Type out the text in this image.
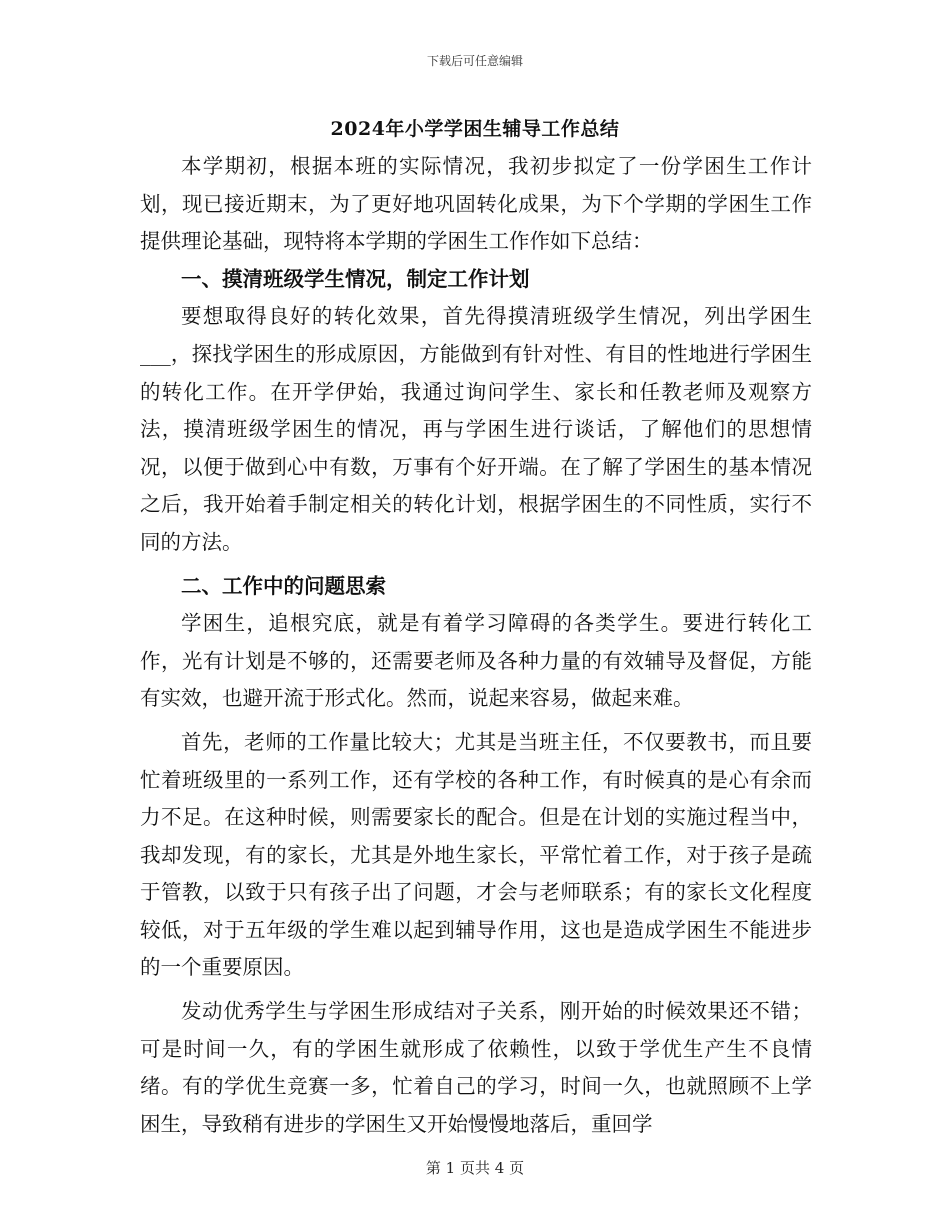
下载后可任意编辑
2024年小学学困生辅导工作总结

本学期初，根据本班的实际情况，我初步拟定了一份学困生工作计划，现已接近期末，为了更好地巩固转化成果，为下个学期的学困生工作提供理论基础，现特将本学期的学困生工作作如下总结：

一、摸清班级学生情况，制定工作计划

要想取得良好的转化效果，首先得摸清班级学生情况，列出学困生___，探找学困生的形成原因，方能做到有针对性、有目的性地进行学困生的转化工作。在开学伊始，我通过询问学生、家长和任教老师及观察方法，摸清班级学困生的情况，再与学困生进行谈话，了解他们的思想情况，以便于做到心中有数，万事有个好开端。在了解了学困生的基本情况之后，我开始着手制定相关的转化计划，根据学困生的不同性质，实行不同的方法。

二、工作中的问题思索

学困生，追根究底，就是有着学习障碍的各类学生。要进行转化工作，光有计划是不够的，还需要老师及各种力量的有效辅导及督促，方能有实效，也避开流于形式化。然而，说起来容易，做起来难。

首先，老师的工作量比较大；尤其是当班主任，不仅要教书，而且要忙着班级里的一系列工作，还有学校的各种工作，有时候真的是心有余而力不足。在这种时候，则需要家长的配合。但是在计划的实施过程当中，我却发现，有的家长，尤其是外地生家长，平常忙着工作，对于孩子是疏于管教，以致于只有孩子出了问题，才会与老师联系；有的家长文化程度较低，对于五年级的学生难以起到辅导作用，这也是造成学困生不能进步的一个重要原因。

发动优秀学生与学困生形成结对子关系，刚开始的时候效果还不错；可是时间一久，有的学困生就形成了依赖性，以致于学优生产生不良情绪。有的学优生竞赛一多，忙着自己的学习，时间一久，也就照顾不上学困生，导致稍有进步的学困生又开始慢慢地落后，重回学

第 1 页共 4 页
